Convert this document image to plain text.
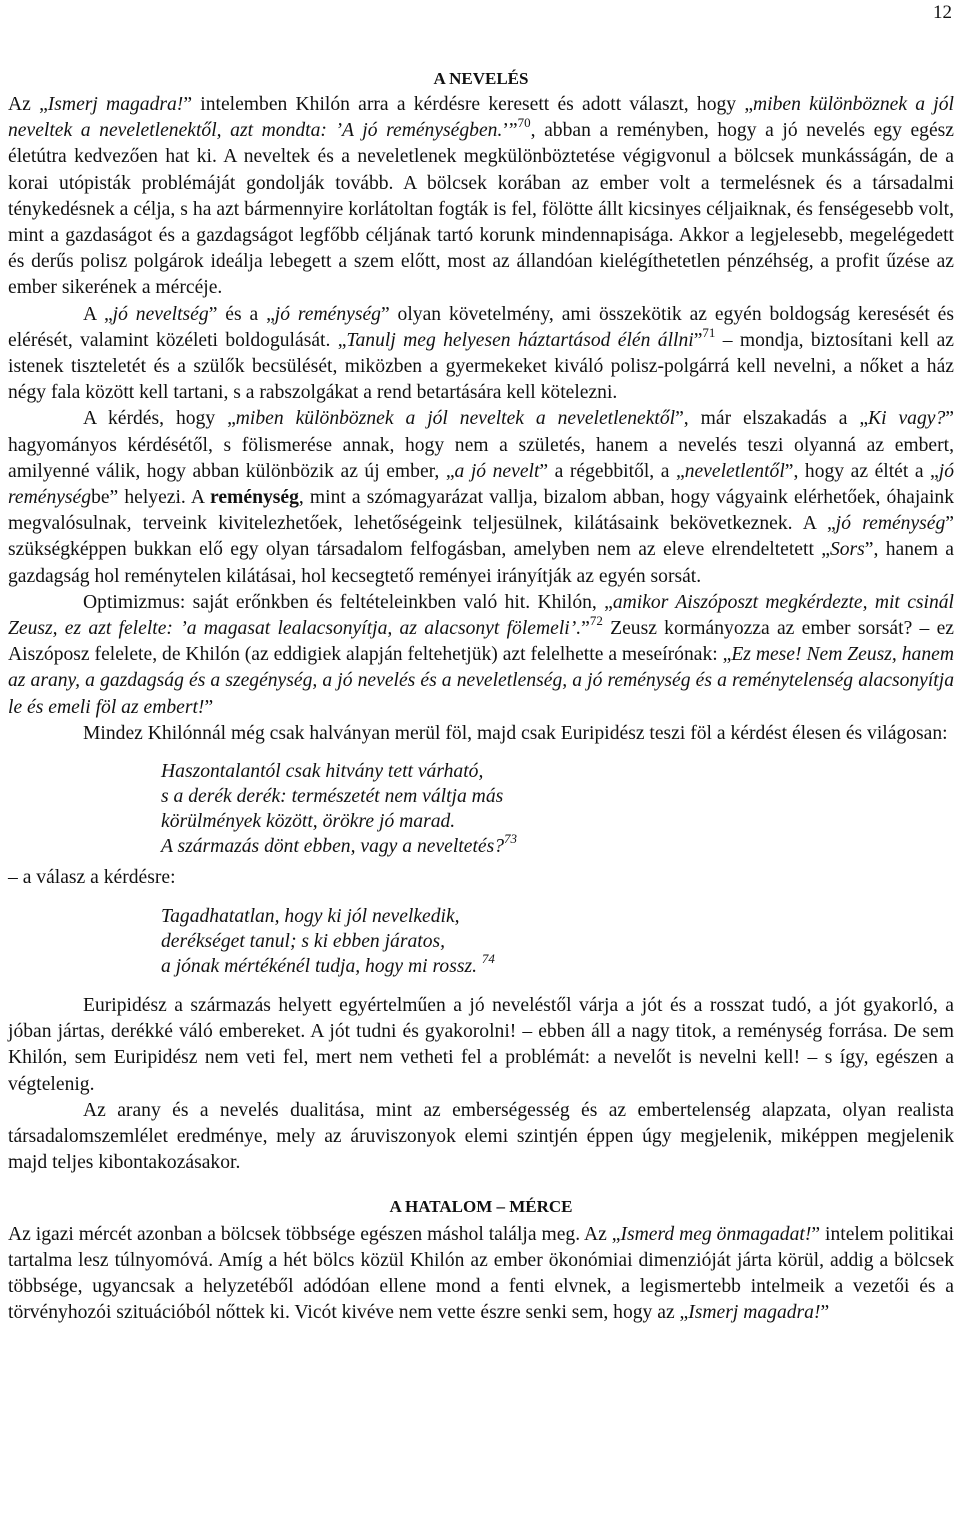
12
A NEVELÉS

Az „Ismerj magadra!” intelemben Khilón arra a kérdésre keresett és adott választ, hogy „miben különböznek a jól neveltek a neveletlenektől, azt mondta: ’A jó reménységben.’”$^{70}$, abban a reményben, hogy a jó nevelés egy egész életútra kedvezően hat ki. A neveltek és a neveletlenek megkülönböztetése végigvonul a bölcsek munkásságán, de a korai utópisták problémáját gondolják tovább. A bölcsek korában az ember volt a termelésnek és a társadalmi ténykedésnek a célja, s ha azt bármennyire korlátoltan fogták is fel, fölötte állt kicsinyes céljaiknak, és fenségesebb volt, mint a gazdaságot és a gazdagságot legfőbb céljának tartó korunk mindennapisága. Akkor a legjelesebb, megelégedett és derűs polisz polgárok ideálja lebegett a szem előtt, most az állandóan kielégíthetetlen pénzéhség, a profit űzése az ember sikerének a mércéje.

A „jó neveltség” és a „jó reménység” olyan követelmény, ami összekötik az egyén boldogság keresését és elérését, valamint közéleti boldogulását. „Tanulj meg helyesen háztartásod élén állni”$^{71}$ – mondja, biztosítani kell az istenek tiszteletét és a szülők becsülését, miközben a gyermekeket kiváló polisz-polgárrá kell nevelni, a nőket a ház négy fala között kell tartani, s a rabszolgákat a rend betartására kell kötelezni.

A kérdés, hogy „miben különböznek a jól neveltek a neveletlenektől”, már elszakadás a „Ki vagy?” hagyományos kérdésétől, s fölismerése annak, hogy nem a születés, hanem a nevelés teszi olyanná az embert, amilyenné válik, hogy abban különbözik az új ember, „a jó nevelt” a régebbitől, a „neveletlentől”, hogy az éltét a „jó reménységbe” helyezi. A reménység, mint a szómagyarázat vallja, bizalom abban, hogy vágyaink elérhetőek, óhajaink megvalósulnak, terveink kivitelezhetőek, lehetőségeink teljesülnek, kilátásaink bekövetkeznek. A „jó reménység” szükségképpen bukkan elő egy olyan társadalom felfogásban, amelyben nem az eleve elrendeltetett „Sors”, hanem a gazdagság hol reménytelen kilátásai, hol kecsegtető reményei irányítják az egyén sorsát.

Optimizmus: saját erőnkben és feltételeinkben való hit. Khilón, „amikor Aiszóposzt megkérdezte, mit csinál Zeusz, ez azt felelte: ’a magasat lealacsonyítja, az alacsonyt fölemeli’.”$^{72}$ Zeusz kormányozza az ember sorsát? – ez Aiszóposz felelete, de Khilón (az eddigiek alapján feltehetjük) azt felelhette a meseírónak: „Ez mese! Nem Zeusz, hanem az arany, a gazdagság és a szegénység, a jó nevelés és a neveletlenség, a jó reménység és a reménytelenség alacsonyítja le és emeli föl az embert!”

Mindez Khilónnál még csak halványan merül föl, majd csak Euripidész teszi föl a kérdést élesen és világosan:

Haszontalantól csak hitvány tett várható,
s a derék derék: természetét nem váltja más
körülmények között, örökre jó marad.
A származás dönt ebben, vagy a neveltetés?$^{73}$
– a válasz a kérdésre:
Tagadhatatlan, hogy ki jól nevelkedik,
derékséget tanul; s ki ebben járatos,
a jónak mértékénél tudja, hogy mi rossz. $^{74}$

Euripidész a származás helyett egyértelműen a jó neveléstől várja a jót és a rosszat tudó, a jót gyakorló, a jóban jártas, derékké váló embereket. A jót tudni és gyakorolni! – ebben áll a nagy titok, a reménység forrása. De sem Khilón, sem Euripidész nem veti fel, mert nem vetheti fel a problémát: a nevelőt is nevelni kell! – s így, egészen a végtelenig.

Az arany és a nevelés dualitása, mint az emberségesség és az embertelenség alapzata, olyan realista társadalomszemlélet eredménye, mely az áruviszonyok elemi szintjén éppen úgy megjelenik, miképpen megjelenik majd teljes kibontakozásakor.

A HATALOM – MÉRCE

Az igazi mércét azonban a bölcsek többsége egészen máshol találja meg. Az „Ismerd meg önmagadat!” intelem politikai tartalma lesz túlnyomóvá. Amíg a hét bölcs közül Khilón az ember ökonómiai dimenzióját járta körül, addig a bölcsek többsége, ugyancsak a helyzetéből adódóan ellene mond a fenti elvnek, a legismertebb intelmeik a vezetői és a törvényhozói szituációból nőttek ki. Vicót kivéve nem vette észre senki sem, hogy az „Ismerj magadra!”
